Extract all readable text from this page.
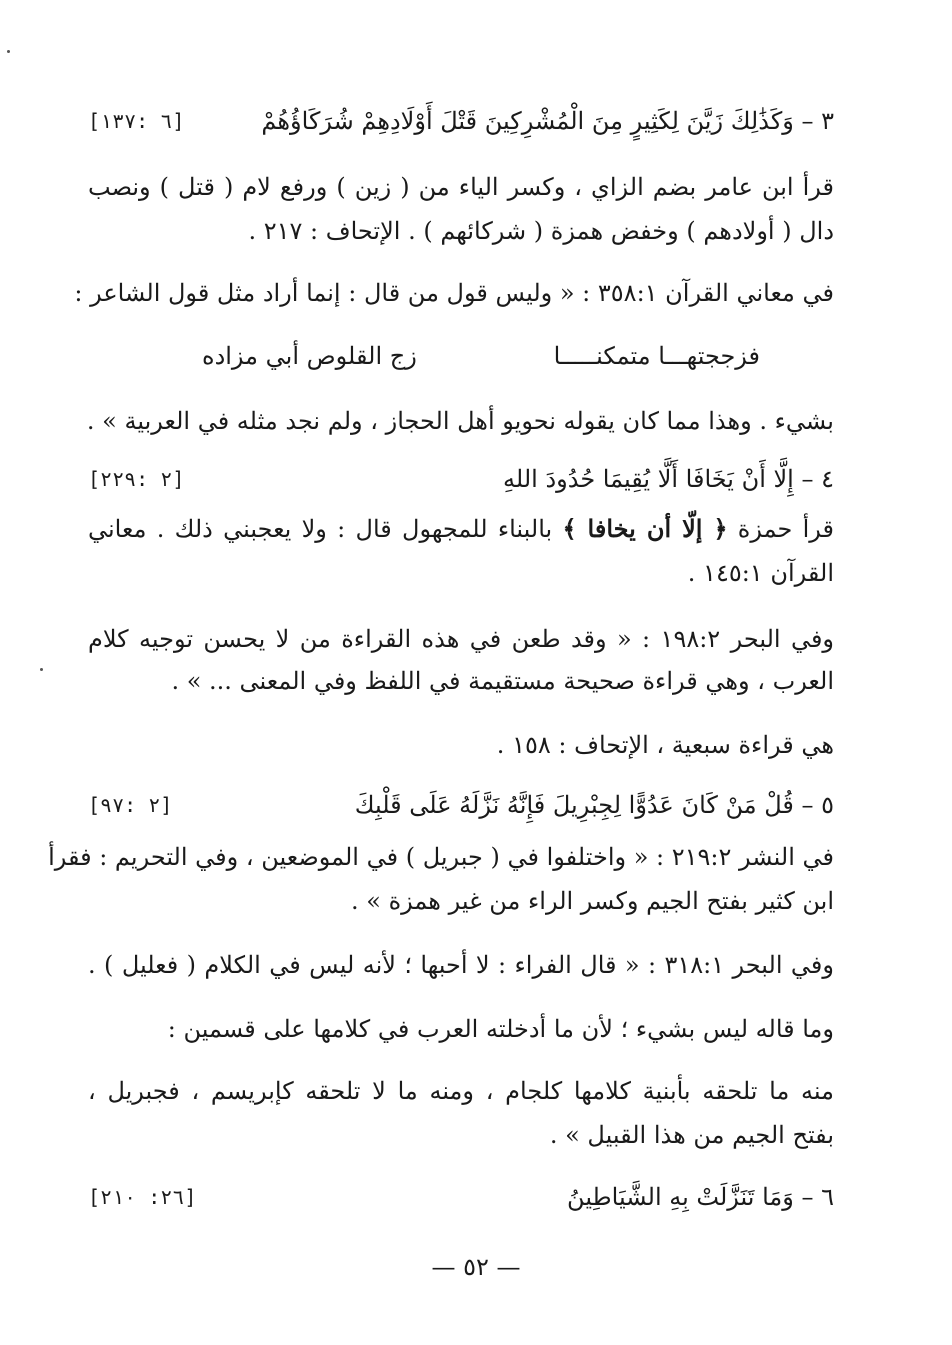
٣ – وَكَذَٰلِكَ زَيَّنَ لِكَثِيرٍ مِنَ الْمُشْرِكِينَ قَتْلَ أَوْلَادِهِمْ شُرَكَاؤُهُمْ
[٦ :١٣٧]
قرأ ابن عامر بضم الزاي ، وكسر الياء من ( زين ) ورفع لام ( قتل ) ونصب
دال ( أولادهم ) وخفض همزة ( شركائهم ) . الإتحاف : ٢١٧ .
في معاني القرآن ٣٥٨:١ : « وليس قول من قال : إنما أراد مثل قول الشاعر :
فزججتهـــا متمكنـــــا
زج القلوص أبي مزاده
بشيء . وهذا مما كان يقوله نحويو أهل الحجاز ، ولم نجد مثله في العربية » .
٤ – إِلَّا أَنْ يَخَافَا أَلَّا يُقِيمَا حُدُودَ اللهِ
[٢ :٢٢٩]
قرأ حمزة ﴿ إلّا أن يخافا ﴾ بالبناء للمجهول قال : ولا يعجبني ذلك . معاني
القرآن ١٤٥:١ .
وفي البحر ١٩٨:٢ : « وقد طعن في هذه القراءة من لا يحسن توجيه كلام
العرب ، وهي قراءة صحيحة مستقيمة في اللفظ وفي المعنى ... » .
هي قراءة سبعية ، الإتحاف : ١٥٨ .
٥ – قُلْ مَنْ كَانَ عَدُوًّا لِجِبْرِيلَ فَإِنَّهُ نَزَّلَهُ عَلَى قَلْبِكَ
[٢ :٩٧]
في النشر ٢١٩:٢ : « واختلفوا في ( جبريل ) في الموضعين ، وفي التحريم : فقرأ
ابن كثير بفتح الجيم وكسر الراء من غير همزة » .
وفي البحر ٣١٨:١ : « قال الفراء : لا أحبها ؛ لأنه ليس في الكلام ( فعليل ) .
وما قاله ليس بشيء ؛ لأن ما أدخلته العرب في كلامها على قسمين :
منه ما تلحقه بأبنية كلامها كلجام ، ومنه ما لا تلحقه كإبريسم ، فجبريل ،
بفتح الجيم من هذا القبيل » .
٦ – وَمَا تَنَزَّلَتْ بِهِ الشَّيَاطِينُ
[٢٦: ٢١٠]
— ٥٢ —
